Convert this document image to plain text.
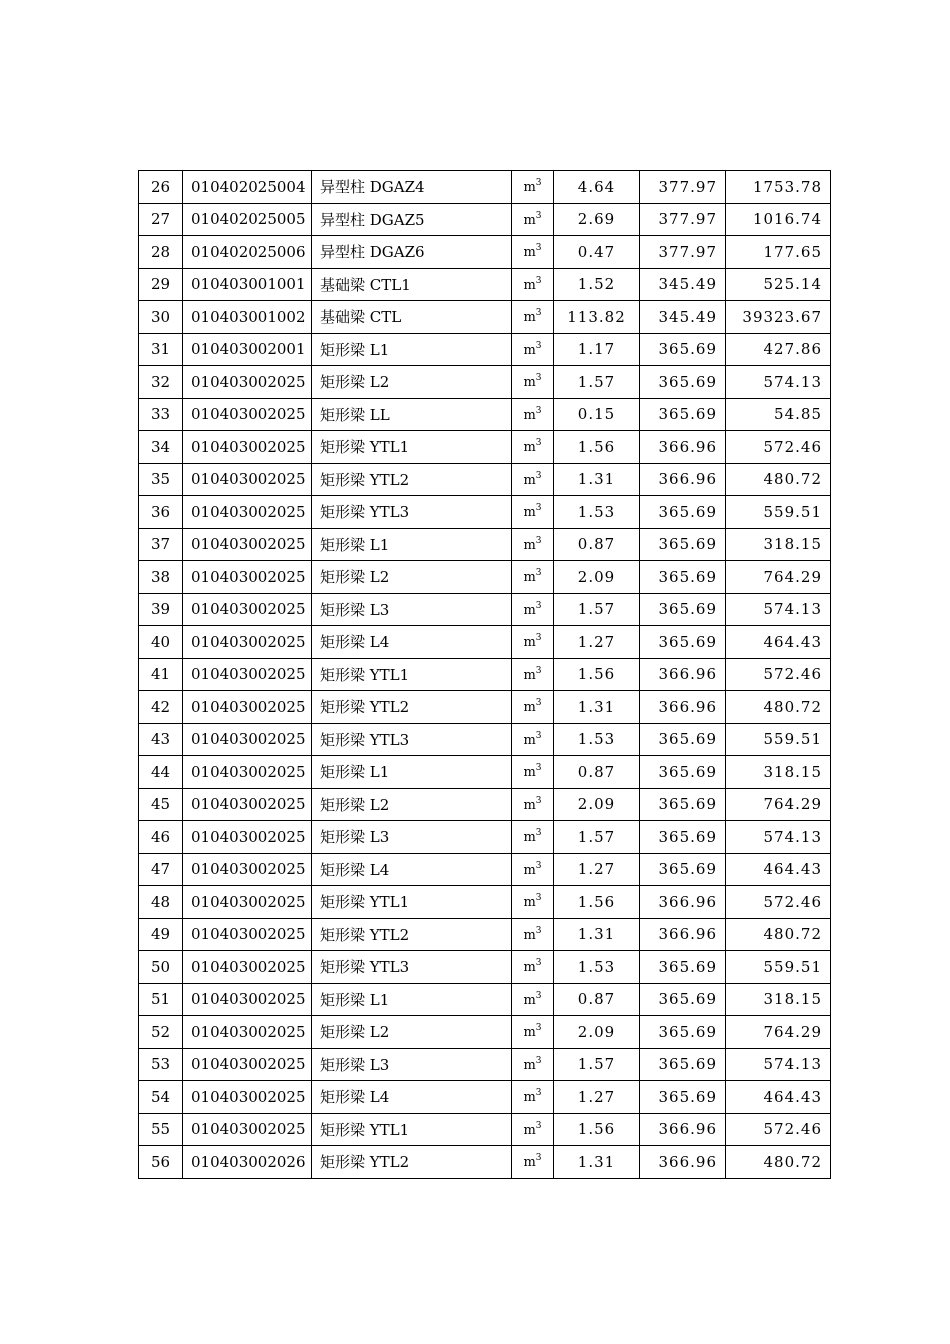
26	010402025004	异型柱 DGAZ4	$m^3$	4.64	377.97	1753.78
27	010402025005	异型柱 DGAZ5	$m^3$	2.69	377.97	1016.74
28	010402025006	异型柱 DGAZ6	$m^3$	0.47	377.97	177.65
29	010403001001	基础梁 CTL1	$m^3$	1.52	345.49	525.14
30	010403001002	基础梁 CTL	$m^3$	113.82	345.49	39323.67
31	010403002001	矩形梁 L1	$m^3$	1.17	365.69	427.86
32	010403002025	矩形梁 L2	$m^3$	1.57	365.69	574.13
33	010403002025	矩形梁 LL	$m^3$	0.15	365.69	54.85
34	010403002025	矩形梁 YTL1	$m^3$	1.56	366.96	572.46
35	010403002025	矩形梁 YTL2	$m^3$	1.31	366.96	480.72
36	010403002025	矩形梁 YTL3	$m^3$	1.53	365.69	559.51
37	010403002025	矩形梁 L1	$m^3$	0.87	365.69	318.15
38	010403002025	矩形梁 L2	$m^3$	2.09	365.69	764.29
39	010403002025	矩形梁 L3	$m^3$	1.57	365.69	574.13
40	010403002025	矩形梁 L4	$m^3$	1.27	365.69	464.43
41	010403002025	矩形梁 YTL1	$m^3$	1.56	366.96	572.46
42	010403002025	矩形梁 YTL2	$m^3$	1.31	366.96	480.72
43	010403002025	矩形梁 YTL3	$m^3$	1.53	365.69	559.51
44	010403002025	矩形梁 L1	$m^3$	0.87	365.69	318.15
45	010403002025	矩形梁 L2	$m^3$	2.09	365.69	764.29
46	010403002025	矩形梁 L3	$m^3$	1.57	365.69	574.13
47	010403002025	矩形梁 L4	$m^3$	1.27	365.69	464.43
48	010403002025	矩形梁 YTL1	$m^3$	1.56	366.96	572.46
49	010403002025	矩形梁 YTL2	$m^3$	1.31	366.96	480.72
50	010403002025	矩形梁 YTL3	$m^3$	1.53	365.69	559.51
51	010403002025	矩形梁 L1	$m^3$	0.87	365.69	318.15
52	010403002025	矩形梁 L2	$m^3$	2.09	365.69	764.29
53	010403002025	矩形梁 L3	$m^3$	1.57	365.69	574.13
54	010403002025	矩形梁 L4	$m^3$	1.27	365.69	464.43
55	010403002025	矩形梁 YTL1	$m^3$	1.56	366.96	572.46
56	010403002026	矩形梁 YTL2	$m^3$	1.31	366.96	480.72
